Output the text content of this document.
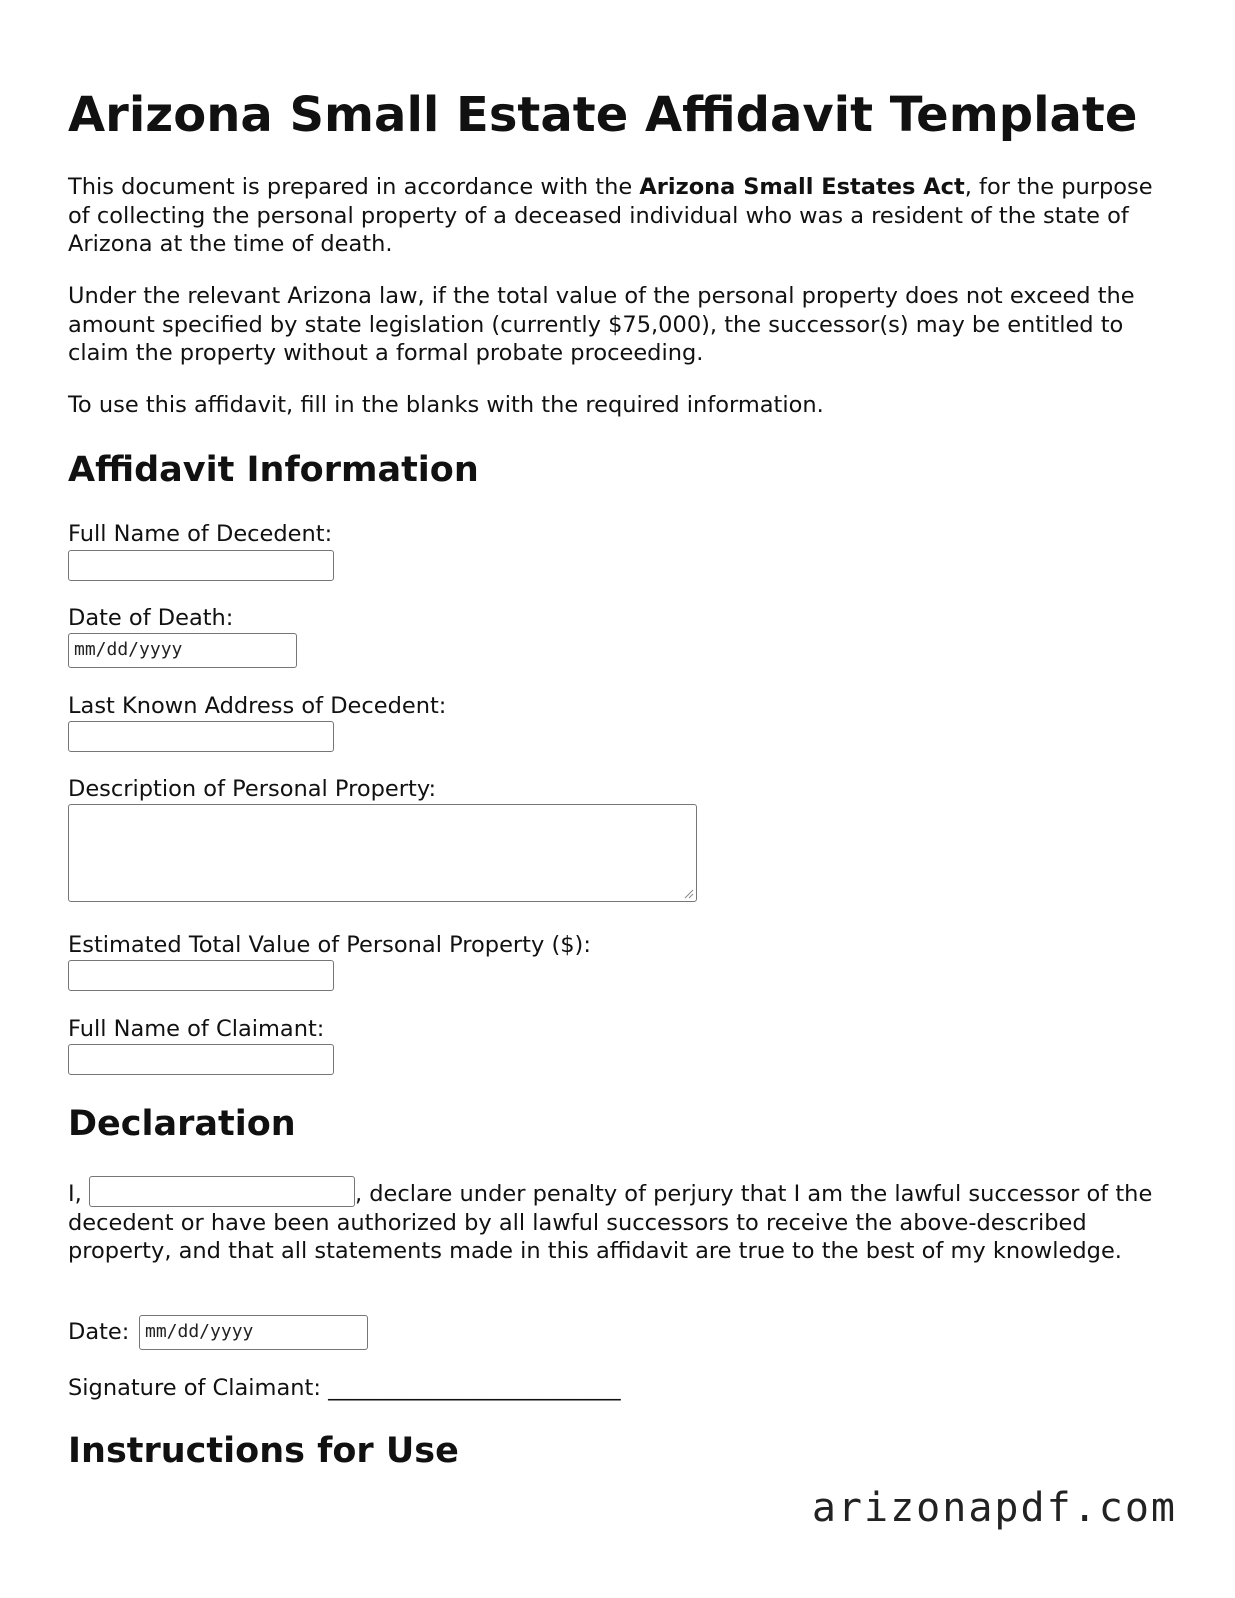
Arizona Small Estate Affidavit Template

This document is prepared in accordance with the Arizona Small Estates Act, for the purpose of collecting the personal property of a deceased individual who was a resident of the state of Arizona at the time of death.

Under the relevant Arizona law, if the total value of the personal property does not exceed the amount specified by state legislation (currently $75,000), the successor(s) may be entitled to claim the property without a formal probate proceeding.

To use this affidavit, fill in the blanks with the required information.

Affidavit Information
Full Name of Decedent:
Date of Death:
mm/dd/yyyy
Last Known Address of Decedent:
Description of Personal Property:
Estimated Total Value of Personal Property ($):
Full Name of Claimant:
Declaration

I,	, declare under penalty of perjury that I am the lawful successor of the decedent or have been authorized by all lawful successors to receive the above-described property, and that all statements made in this affidavit are true to the best of my knowledge.

Date: mm/dd/yyyy
Signature of Claimant: __________________________
Instructions for Use
arizonapdf.com
